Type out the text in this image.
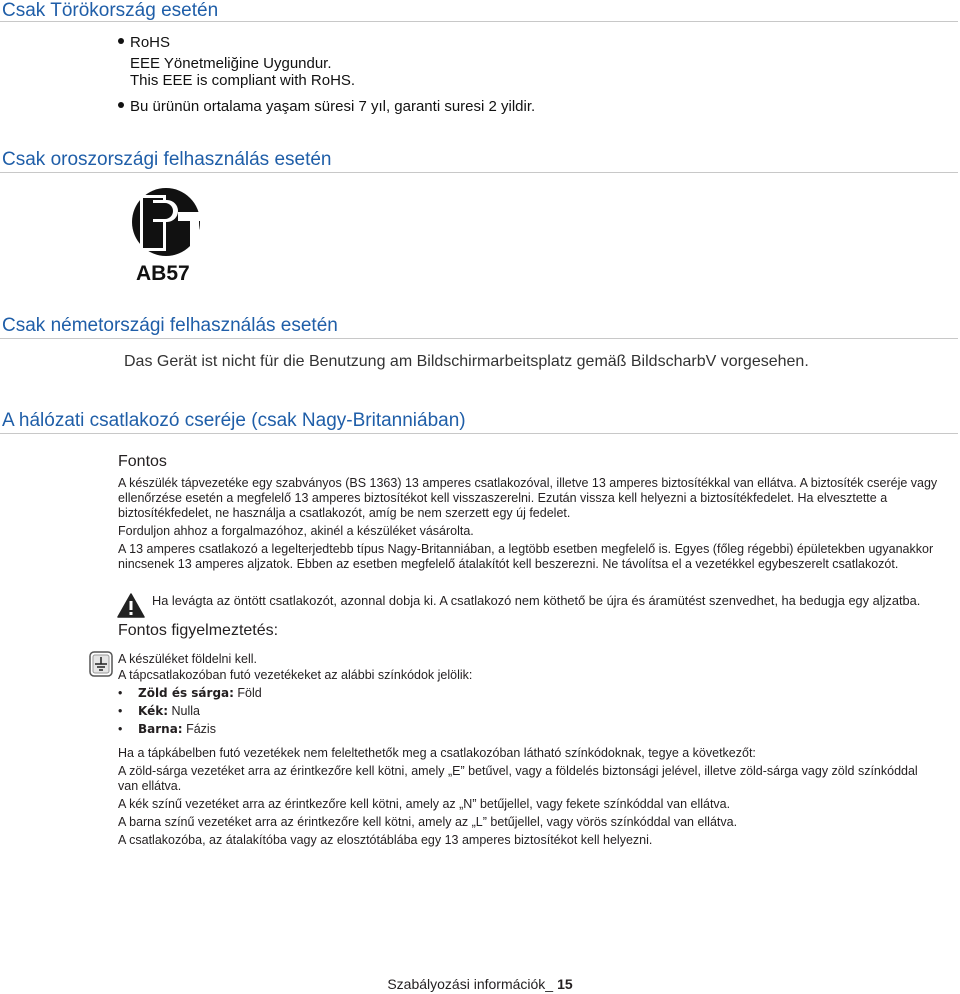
Csak Törökország esetén
RoHS
EEE Yönetmeliğine Uygundur.
This EEE is compliant with RoHS.
Bu ürünün ortalama yaşam süresi 7 yıl, garanti suresi 2 yildir.
Csak oroszországi felhasználás esetén
AB57
Csak németországi felhasználás esetén
Das Gerät ist nicht für die Benutzung am Bildschirmarbeitsplatz gemäß BildscharbV vorgesehen.
A hálózati csatlakozó cseréje (csak Nagy-Britanniában)
Fontos

A készülék tápvezetéke egy szabványos (BS 1363) 13 amperes csatlakozóval, illetve 13 amperes biztosítékkal van ellátva. A biztosíték cseréje vagy ellenőrzése esetén a megfelelő 13 amperes biztosítékot kell visszaszerelni. Ezután vissza kell helyezni a biztosítékfedelet. Ha elvesztette a biztosítékfedelet, ne használja a csatlakozót, amíg be nem szerzett egy új fedelet.

Forduljon ahhoz a forgalmazóhoz, akinél a készüléket vásárolta.

A 13 amperes csatlakozó a legelterjedtebb típus Nagy-Britanniában, a legtöbb esetben megfelelő is. Egyes (főleg régebbi) épületekben ugyanakkor nincsenek 13 amperes aljzatok. Ebben az esetben megfelelő átalakítót kell beszerezni. Ne távolítsa el a vezetékkel egybeszerelt csatlakozót.

Ha levágta az öntött csatlakozót, azonnal dobja ki. A csatlakozó nem köthető be újra és áramütést szenvedhet, ha bedugja egy aljzatba.
Fontos figyelmeztetés:
A készüléket földelni kell.
A tápcsatlakozóban futó vezetékeket az alábbi színkódok jelölik:
• Zöld és sárga: Föld
• Kék: Nulla
• Barna: Fázis

Ha a tápkábelben futó vezetékek nem feleltethetők meg a csatlakozóban látható színkódoknak, tegye a következőt:

A zöld-sárga vezetéket arra az érintkezőre kell kötni, amely „E” betűvel, vagy a földelés biztonsági jelével, illetve zöld-sárga vagy zöld színkóddal van ellátva.

A kék színű vezetéket arra az érintkezőre kell kötni, amely az „N” betűjellel, vagy fekete színkóddal van ellátva.

A barna színű vezetéket arra az érintkezőre kell kötni, amely az „L” betűjellel, vagy vörös színkóddal van ellátva.

A csatlakozóba, az átalakítóba vagy az elosztótáblába egy 13 amperes biztosítékot kell helyezni.

Szabályozási információk_ 15
